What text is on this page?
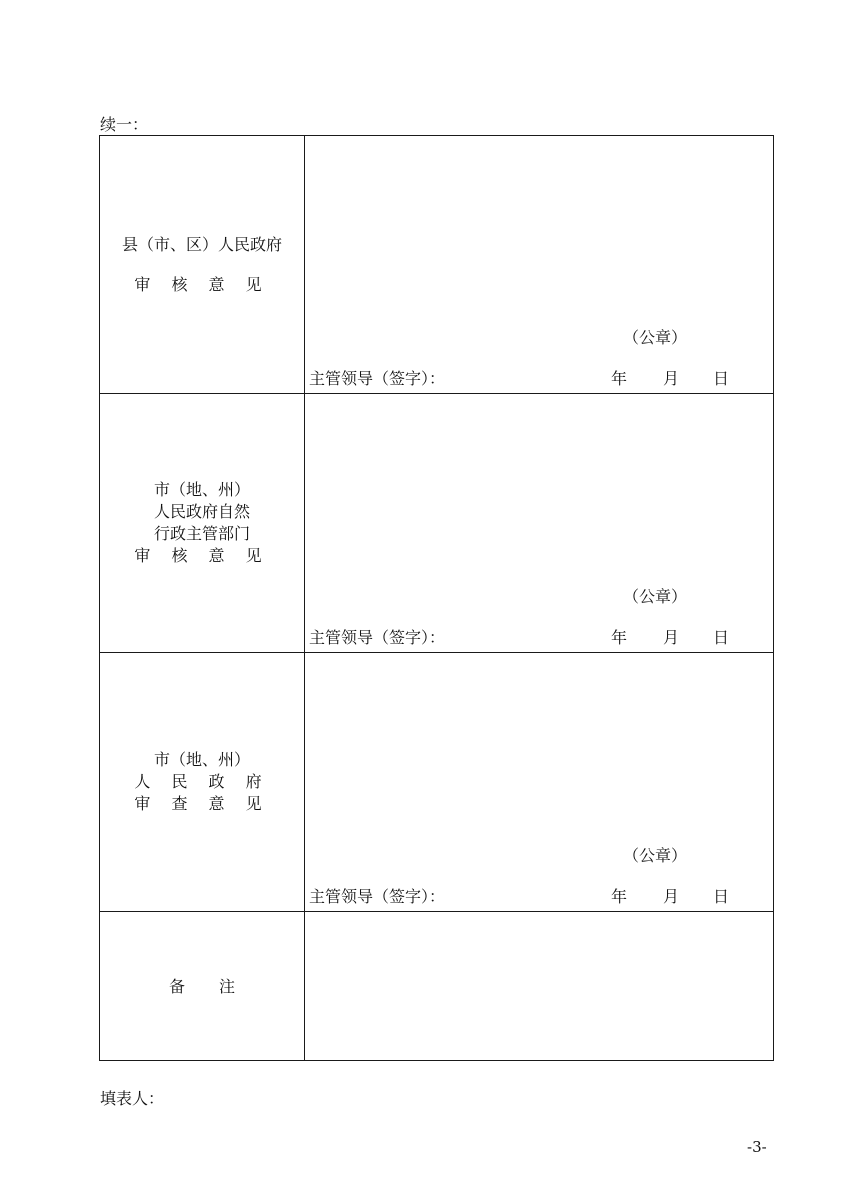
续一：
县（市、区）人民政府
审 核 意 见	（公章）
主管领导（签字）： 年 月 日

市（地、州）
人民政府自然
行政主管部门
审 核 意 见	（公章）
主管领导（签字）： 年 月 日

市（地、州）
人 民 政 府
审 查 意 见	（公章）
主管领导（签字）： 年 月 日

备 注	
填表人：
-3-
